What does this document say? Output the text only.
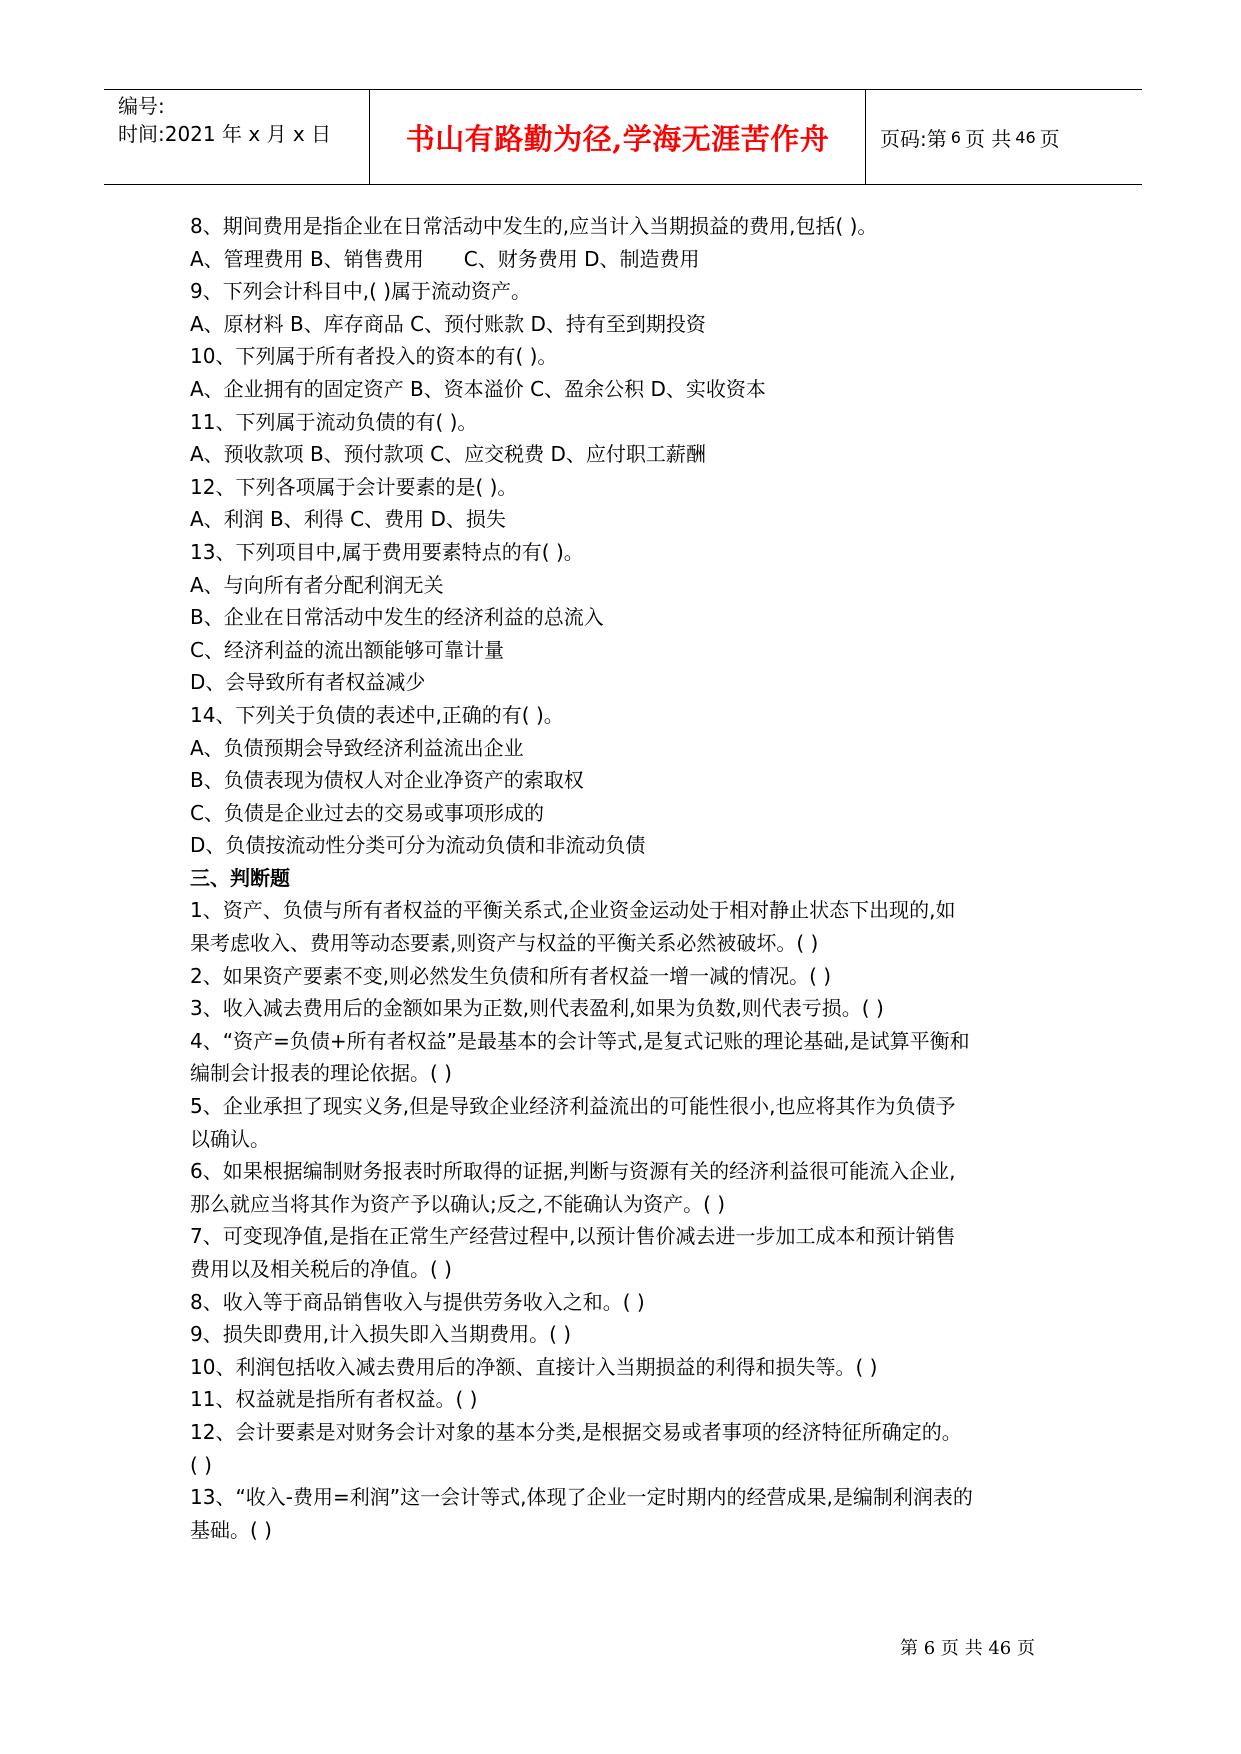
编号:
时间:2021 年 x 月 x 日	书山有路勤为径,学海无涯苦作舟	页码:第 6 页 共 46 页
8、期间费用是指企业在日常活动中发生的,应当计入当期损益的费用,包括( )。
A、管理费用 B、销售费用　　C、财务费用 D、制造费用
9、下列会计科目中,( )属于流动资产。
A、原材料 B、库存商品 C、预付账款 D、持有至到期投资
10、下列属于所有者投入的资本的有( )。
A、企业拥有的固定资产 B、资本溢价 C、盈余公积 D、实收资本
11、下列属于流动负债的有( )。
A、预收款项 B、预付款项 C、应交税费 D、应付职工薪酬
12、下列各项属于会计要素的是( )。
A、利润 B、利得 C、费用 D、损失
13、下列项目中,属于费用要素特点的有( )。
A、与向所有者分配利润无关
B、企业在日常活动中发生的经济利益的总流入
C、经济利益的流出额能够可靠计量
D、会导致所有者权益减少
14、下列关于负债的表述中,正确的有( )。
A、负债预期会导致经济利益流出企业
B、负债表现为债权人对企业净资产的索取权
C、负债是企业过去的交易或事项形成的
D、负债按流动性分类可分为流动负债和非流动负债
三、判断题
1、资产、负债与所有者权益的平衡关系式,企业资金运动处于相对静止状态下出现的,如
果考虑收入、费用等动态要素,则资产与权益的平衡关系必然被破坏。( )
2、如果资产要素不变,则必然发生负债和所有者权益一增一减的情况。( )
3、收入减去费用后的金额如果为正数,则代表盈利,如果为负数,则代表亏损。( )
4、“资产=负债+所有者权益”是最基本的会计等式,是复式记账的理论基础,是试算平衡和
编制会计报表的理论依据。( )
5、企业承担了现实义务,但是导致企业经济利益流出的可能性很小,也应将其作为负债予
以确认。
6、如果根据编制财务报表时所取得的证据,判断与资源有关的经济利益很可能流入企业,
那么就应当将其作为资产予以确认;反之,不能确认为资产。( )
7、可变现净值,是指在正常生产经营过程中,以预计售价减去进一步加工成本和预计销售
费用以及相关税后的净值。( )
8、收入等于商品销售收入与提供劳务收入之和。( )
9、损失即费用,计入损失即入当期费用。( )
10、利润包括收入减去费用后的净额、直接计入当期损益的利得和损失等。( )
11、权益就是指所有者权益。( )
12、会计要素是对财务会计对象的基本分类,是根据交易或者事项的经济特征所确定的。
( )
13、“收入-费用=利润”这一会计等式,体现了企业一定时期内的经营成果,是编制利润表的
基础。( )
第 6 页 共 46 页
